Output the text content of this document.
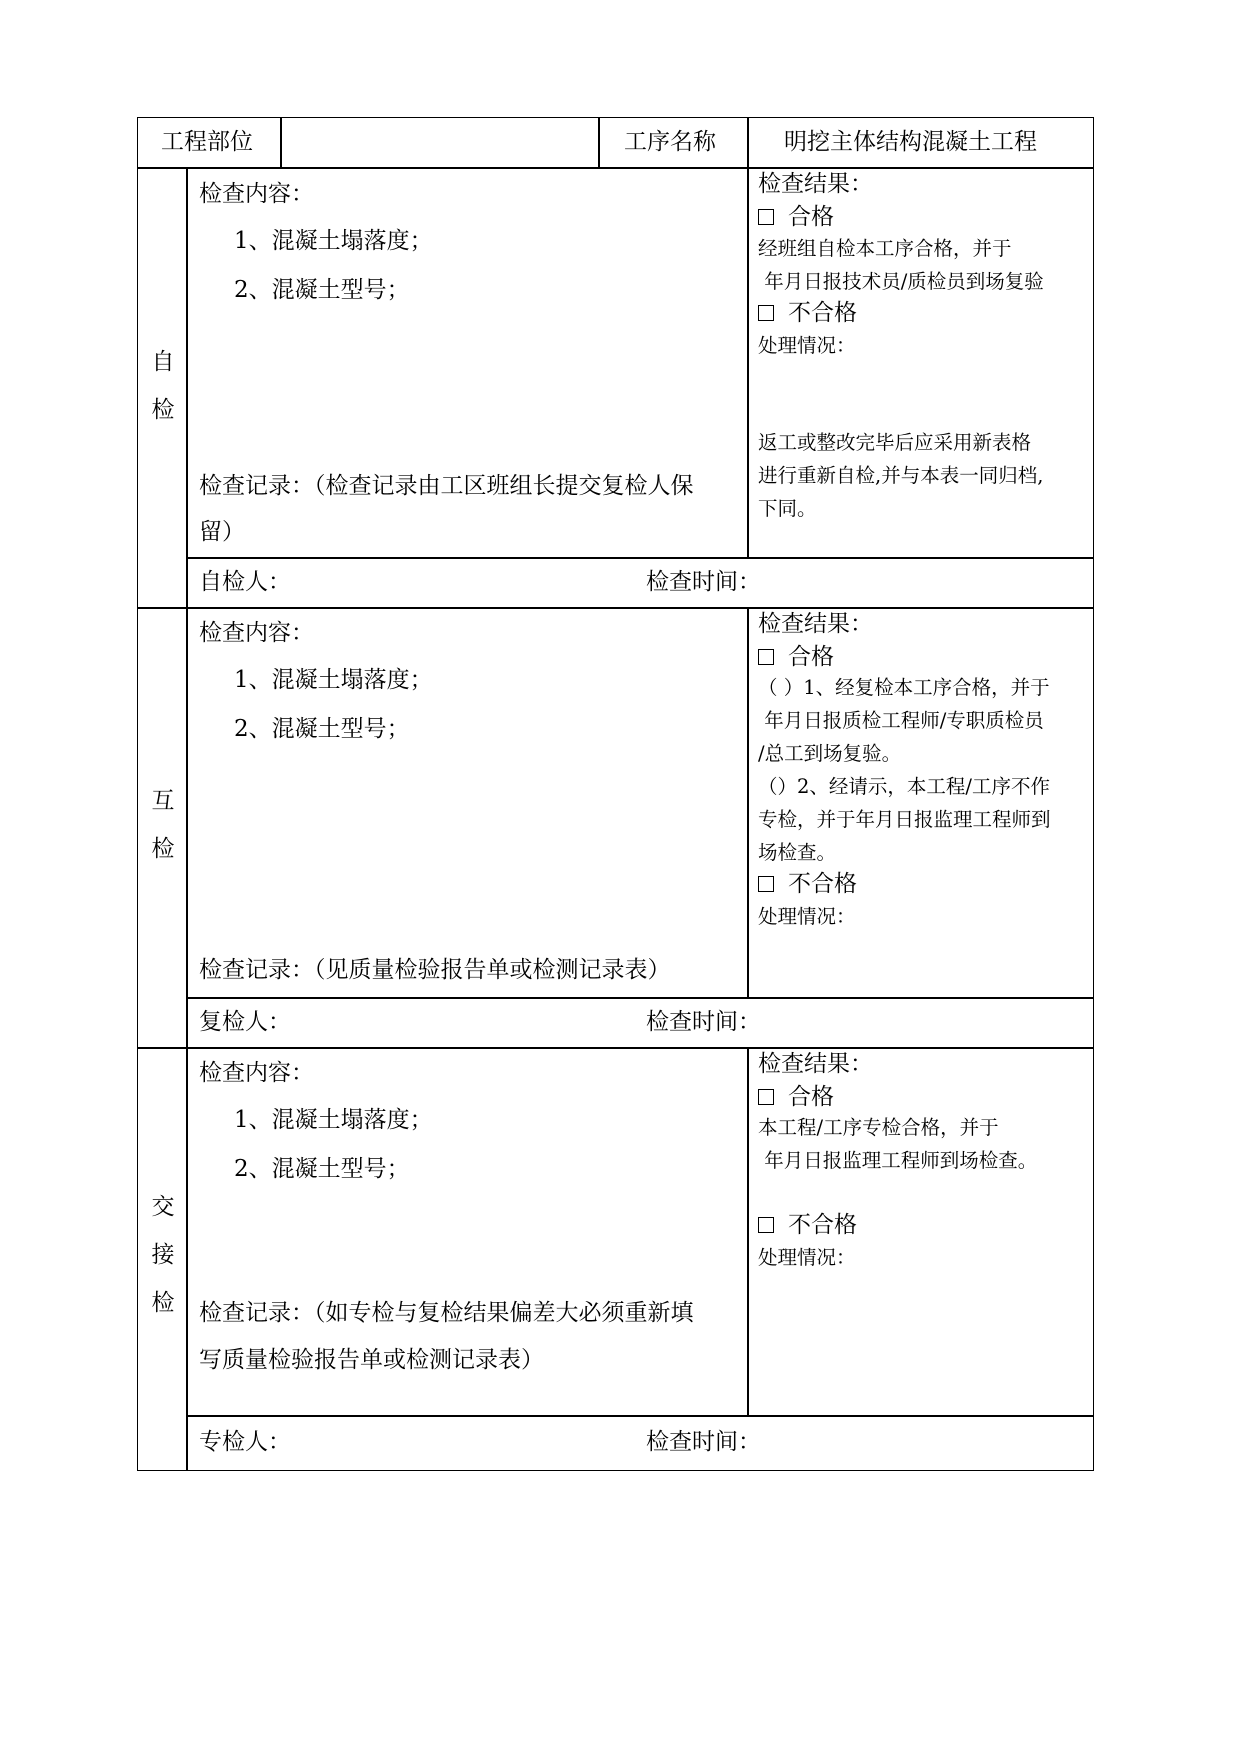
工程部位	工序名称	明挖主体结构混凝土工程
自
检
检查内容：
1、混凝土塌落度；
2、混凝土型号；
检查记录：（检查记录由工区班组长提交复检人保
留）
检查结果：
合格
经班组自检本工序合格，并于
年月日报技术员/质检员到场复验
不合格
处理情况：
返工或整改完毕后应采用新表格
进行重新自检,并与本表一同归档,
下同。
自检人：	检查时间：
互
检
检查内容：
1、混凝土塌落度；
2、混凝土型号；
检查记录：（见质量检验报告单或检测记录表）
检查结果：
合格
（ ）1、经复检本工序合格，并于
年月日报质检工程师/专职质检员
/总工到场复验。
（）2、经请示，本工程/工序不作
专检，并于年月日报监理工程师到
场检查。
不合格
处理情况：
复检人：	检查时间：
交
接
检
检查内容：
1、混凝土塌落度；
2、混凝土型号；
检查记录：（如专检与复检结果偏差大必须重新填
写质量检验报告单或检测记录表）
检查结果：
合格
本工程/工序专检合格，并于
年月日报监理工程师到场检查。
不合格
处理情况：
专检人：	检查时间：
